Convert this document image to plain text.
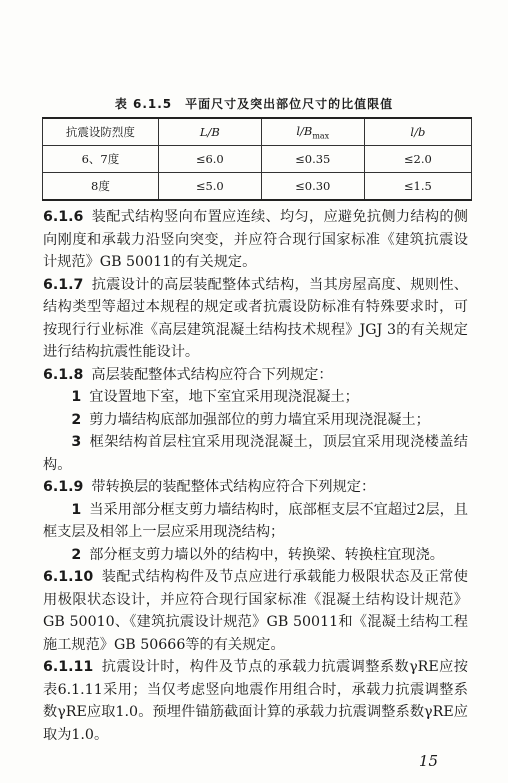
表 6.1.5　平面尺寸及突出部位尺寸的比值限值
抗震设防烈度	L/B	$l/B_{max}$	l/b
6、7度	≤6.0	≤0.35	≤2.0
8度	≤5.0	≤0.30	≤1.5

6.1.6 装配式结构竖向布置应连续、均匀，应避免抗侧力结构的侧向刚度和承载力沿竖向突变，并应符合现行国家标准《建筑抗震设计规范》GB 50011的有关规定。

6.1.7 抗震设计的高层装配整体式结构，当其房屋高度、规则性、结构类型等超过本规程的规定或者抗震设防标准有特殊要求时，可按现行行业标准《高层建筑混凝土结构技术规程》JGJ 3的有关规定进行结构抗震性能设计。

6.1.8 高层装配整体式结构应符合下列规定：

1 宜设置地下室，地下室宜采用现浇混凝土；

2 剪力墙结构底部加强部位的剪力墙宜采用现浇混凝土；

3 框架结构首层柱宜采用现浇混凝土，顶层宜采用现浇楼盖结构。

6.1.9 带转换层的装配整体式结构应符合下列规定：

1 当采用部分框支剪力墙结构时，底部框支层不宜超过2层，且框支层及相邻上一层应采用现浇结构；

2 部分框支剪力墙以外的结构中，转换梁、转换柱宜现浇。

6.1.10 装配式结构构件及节点应进行承载能力极限状态及正常使用极限状态设计，并应符合现行国家标准《混凝土结构设计规范》GB 50010、《建筑抗震设计规范》GB 50011和《混凝土结构工程施工规范》GB 50666等的有关规定。

6.1.11 抗震设计时，构件及节点的承载力抗震调整系数γRE应按表6.1.11采用；当仅考虑竖向地震作用组合时，承载力抗震调整系数γRE应取1.0。预埋件锚筋截面计算的承载力抗震调整系数γRE应取为1.0。

15
